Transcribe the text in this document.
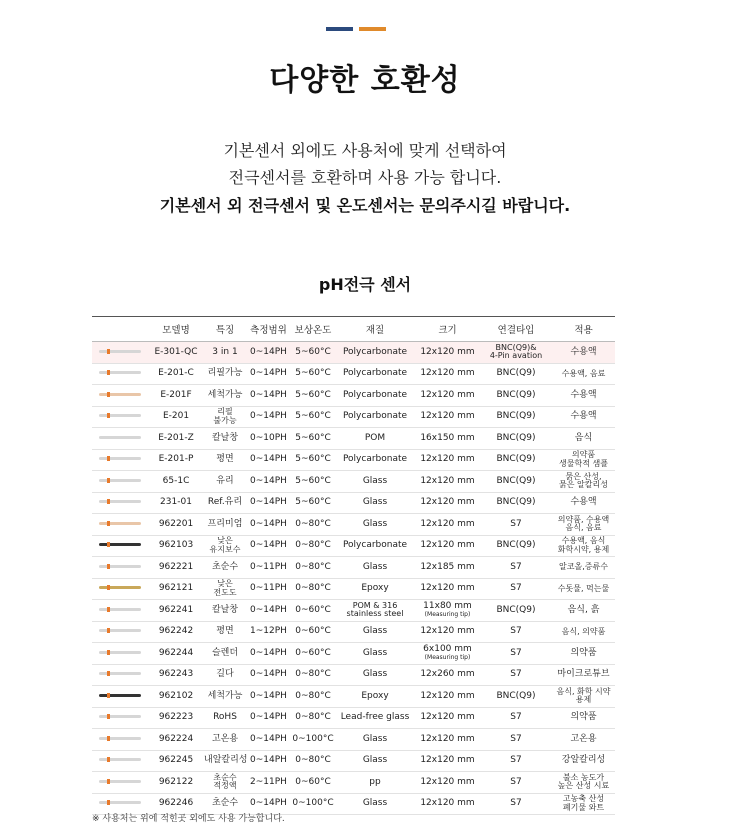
다양한 호환성
기본센서 외에도 사용처에 맞게 선택하여
전극센서를 호환하며 사용 가능 합니다.
기본센서 외 전극센서 및 온도센서는 문의주시길 바랍니다.
pH전극 센서
	모델명	특징	측정범위	보상온도	재질	크기	연결타입	적용
	E-301-QC	3 in 1	0~14PH	5~60°C	Polycarbonate	12x120 mm	BNC(Q9)&
4-Pin avation	수용액
	E-201-C	리필가능	0~14PH	5~60°C	Polycarbonate	12x120 mm	BNC(Q9)	수용액, 음료
	E-201F	세척가능	0~14PH	5~60°C	Polycarbonate	12x120 mm	BNC(Q9)	수용액
	E-201	리필
불가능	0~14PH	5~60°C	Polycarbonate	12x120 mm	BNC(Q9)	수용액
	E-201-Z	칼날창	0~10PH	5~60°C	POM	16x150 mm	BNC(Q9)	음식
	E-201-P	평면	0~14PH	5~60°C	Polycarbonate	12x120 mm	BNC(Q9)	의약품
생물학적 샘플
	65-1C	유리	0~14PH	5~60°C	Glass	12x120 mm	BNC(Q9)	묽은 산성,
묽은 알칼리성
	231-01	Ref.유리	0~14PH	5~60°C	Glass	12x120 mm	BNC(Q9)	수용액
	962201	프리미엄	0~14PH	0~80°C	Glass	12x120 mm	S7	의약품, 수용액
음식, 음료
	962103	낮은
유지보수	0~14PH	0~80°C	Polycarbonate	12x120 mm	BNC(Q9)	수용액, 음식
화학시약, 용제
	962221	초순수	0~11PH	0~80°C	Glass	12x185 mm	S7	알코올,증류수
	962121	낮은
전도도	0~11PH	0~80°C	Epoxy	12x120 mm	S7	수돗물, 먹는물
	962241	칼날창	0~14PH	0~60°C	POM & 316
stainless steel	11x80 mm
(Measuring tip)	BNC(Q9)	음식, 흙
	962242	평면	1~12PH	0~60°C	Glass	12x120 mm	S7	음식, 의약품
	962244	슬렌더	0~14PH	0~60°C	Glass	6x100 mm
(Measuring tip)	S7	의약품
	962243	길다	0~14PH	0~80°C	Glass	12x260 mm	S7	마이크로튜브
	962102	세척가능	0~14PH	0~80°C	Epoxy	12x120 mm	BNC(Q9)	음식, 화학 시약
용제
	962223	RoHS	0~14PH	0~80°C	Lead-free glass	12x120 mm	S7	의약품
	962224	고온용	0~14PH	0~100°C	Glass	12x120 mm	S7	고온용
	962245	내알칼리성	0~14PH	0~80°C	Glass	12x120 mm	S7	강알칼리성
	962122	초순수
적정액	2~11PH	0~60°C	pp	12x120 mm	S7	불소 농도가
높은 산성 시료
	962246	초순수	0~14PH	0~100°C	Glass	12x120 mm	S7	고농축 산성
폐기물 와트
※ 사용처는 위에 적힌곳 외에도 사용 가능합니다.
